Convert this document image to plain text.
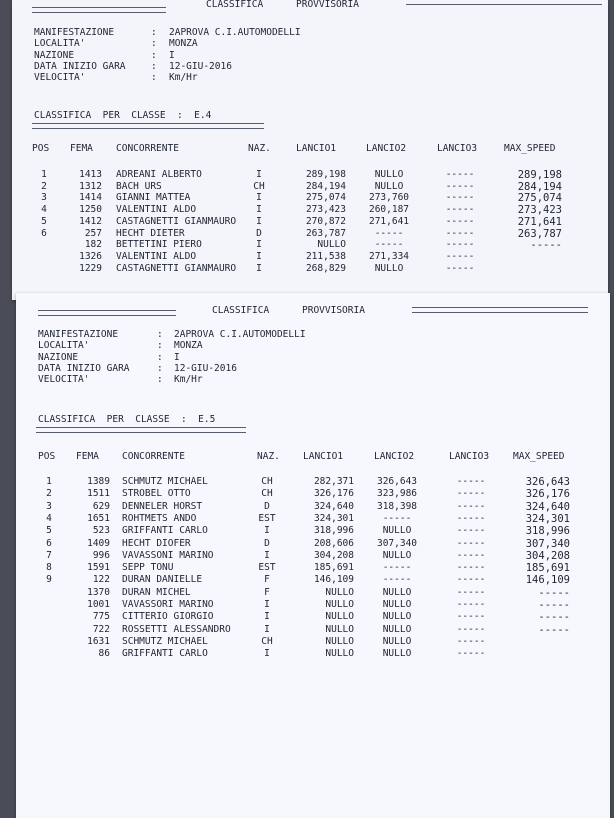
CLASSIFICA	PROVVISORIA
MANIFESTAZIONE	: 2APROVA C.I.AUTOMODELLI
LOCALITA'	: MONZA
NAZIONE	: I
DATA INIZIO GARA	: 12-GIU-2016
VELOCITA'	: Km/Hr
CLASSIFICA  PER  CLASSE  :  E.4
POS FEMA CONCORRENTE	NAZ.	LANCIO1	LANCIO2	LANCIO3	MAX_SPEED
1	1413 ADREANI ALBERTO	I	289,198	NULLO	-----	289,198
2	1312 BACH URS	CH	284,194	NULLO	-----	284,194
3	1414 GIANNI MATTEA	I	275,074	273,760	-----	275,074
4	1250 VALENTINI ALDO	I	273,423	260,187	-----	273,423
5	1412 CASTAGNETTI GIANMAURO	I	270,872	271,641	-----	271,641
6	257 HECHT DIETER	D	263,787	-----	-----	263,787
182 BETTETINI PIERO	I	NULLO	-----	-----	-----
1326 VALENTINI ALDO	I	211,538	271,334	-----
1229 CASTAGNETTI GIANMAURO	I	268,829	NULLO	-----
CLASSIFICA	PROVVISORIA
MANIFESTAZIONE	: 2APROVA C.I.AUTOMODELLI
LOCALITA'	: MONZA
NAZIONE	: I
DATA INIZIO GARA	: 12-GIU-2016
VELOCITA'	: Km/Hr
CLASSIFICA  PER  CLASSE  :  E.5
POS FEMA CONCORRENTE	NAZ. LANCIO1	LANCIO2	LANCIO3	MAX_SPEED
1	1389 SCHMUTZ MICHAEL	CH	282,371	326,643	-----	326,643
2	1511 STROBEL OTTO	CH	326,176	323,986	-----	326,176
3	629 DENNELER HORST	D	324,640	318,398	-----	324,640
4	1651 ROHTMETS ANDO	EST	324,301	-----	-----	324,301
5	523 GRIFFANTI CARLO	I	318,996	NULLO	-----	318,996
6	1409 HECHT DIOFER	D	208,606	307,340	-----	307,340
7	996 VAVASSONI MARINO	I	304,208	NULLO	-----	304,208
8	1591 SEPP TONU	EST	185,691	-----	-----	185,691
9	122 DURAN DANIELLE	F	146,109	-----	-----	146,109
1370 DURAN MICHEL	F	NULLO	NULLO	-----	-----
1001 VAVASSORI MARINO	I	NULLO	NULLO	-----	-----
775 CITTERIO GIORGIO	I	NULLO	NULLO	-----	-----
722 ROSSETTI ALESSANDRO	I	NULLO	NULLO	-----	-----
1631 SCHMUTZ MICHAEL	CH	NULLO	NULLO	-----
86 GRIFFANTI CARLO	I	NULLO	NULLO	-----
